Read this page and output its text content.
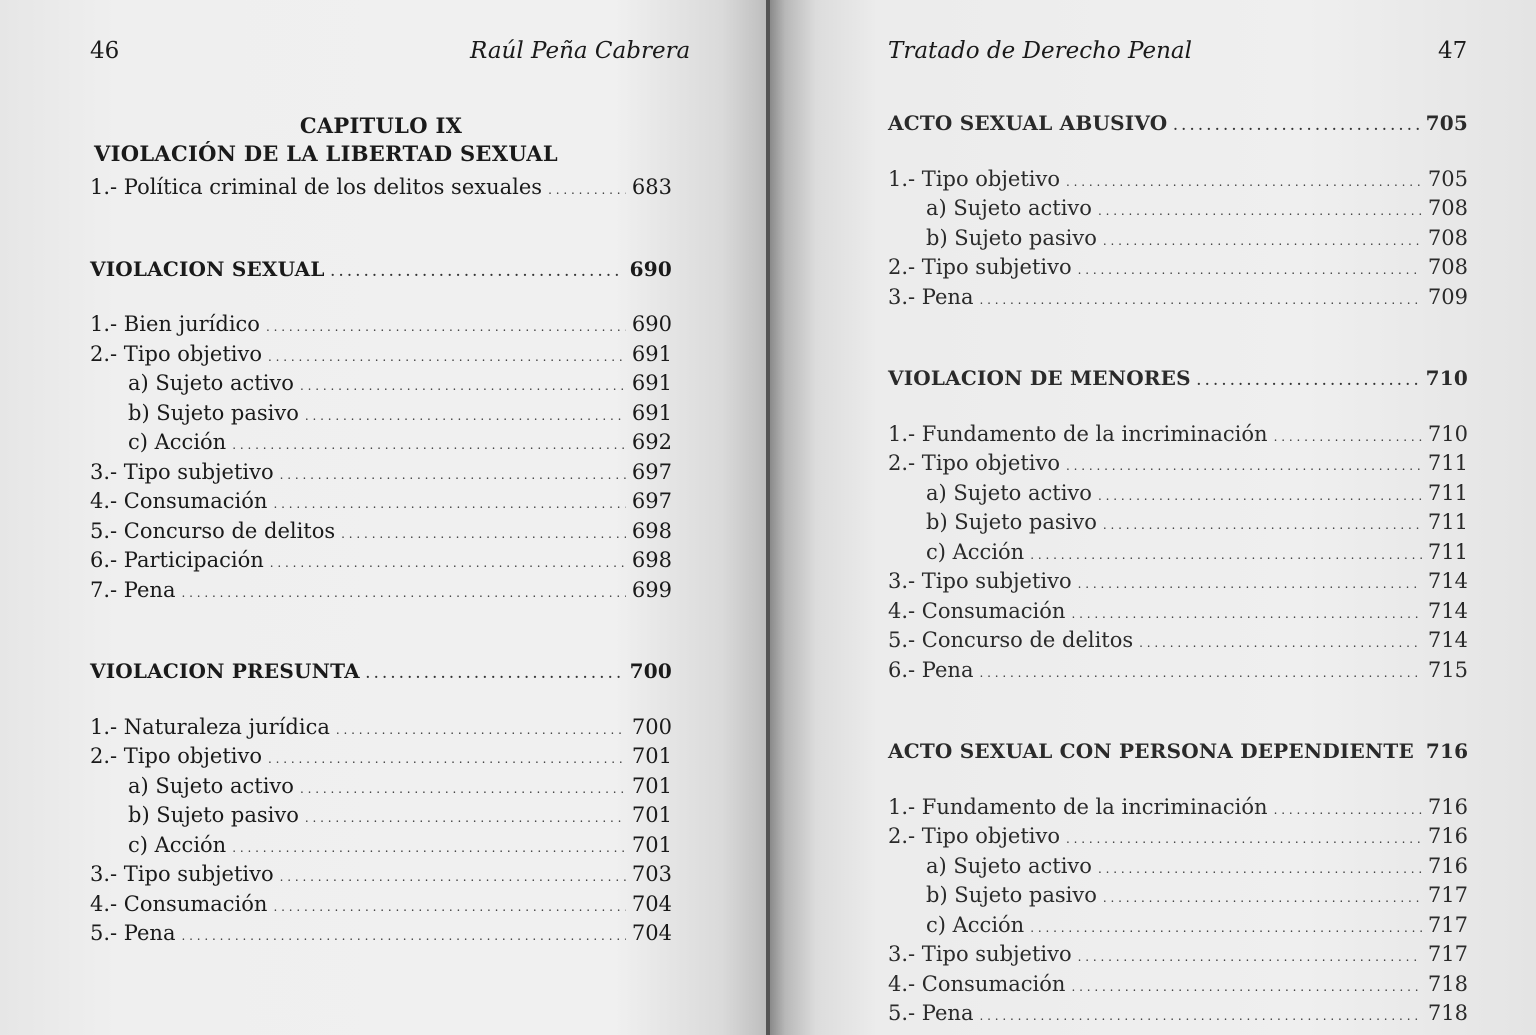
46	Raúl Peña Cabrera
CAPITULO IX
VIOLACIÓN DE LA LIBERTAD SEXUAL
1.- Política criminal de los delitos sexuales . . .	683
VIOLACION SEXUAL . . .	690
1.- Bien jurídico . . .	690
2.- Tipo objetivo . . .	691
a) Sujeto activo . . .	691
b) Sujeto pasivo . . .	691
c) Acción . . .	692
3.- Tipo subjetivo . . .	697
4.- Consumación . . .	697
5.- Concurso de delitos . . .	698
6.- Participación . . .	698
7.- Pena . . .	699
VIOLACION PRESUNTA . . .	700
1.- Naturaleza jurídica . . .	700
2.- Tipo objetivo . . .	701
a) Sujeto activo . . .	701
b) Sujeto pasivo . . .	701
c) Acción . . .	701
3.- Tipo subjetivo . . .	703
4.- Consumación . . .	704
5.- Pena . . .	704
Tratado de Derecho Penal	47
ACTO SEXUAL ABUSIVO . . .	705
1.- Tipo objetivo . . .	705
a) Sujeto activo . . .	708
b) Sujeto pasivo . . .	708
2.- Tipo subjetivo . . .	708
3.- Pena . . .	709
VIOLACION DE MENORES . . .	710
1.- Fundamento de la incriminación . . .	710
2.- Tipo objetivo . . .	711
a) Sujeto activo . . .	711
b) Sujeto pasivo . . .	711
c) Acción . . .	711
3.- Tipo subjetivo . . .	714
4.- Consumación . . .	714
5.- Concurso de delitos . . .	714
6.- Pena . . .	715
ACTO SEXUAL CON PERSONA DEPENDIENTE 716
1.- Fundamento de la incriminación . . .	716
2.- Tipo objetivo . . .	716
a) Sujeto activo . . .	716
b) Sujeto pasivo . . .	717
c) Acción . . .	717
3.- Tipo subjetivo . . .	717
4.- Consumación . . .	718
5.- Pena . . .	718
